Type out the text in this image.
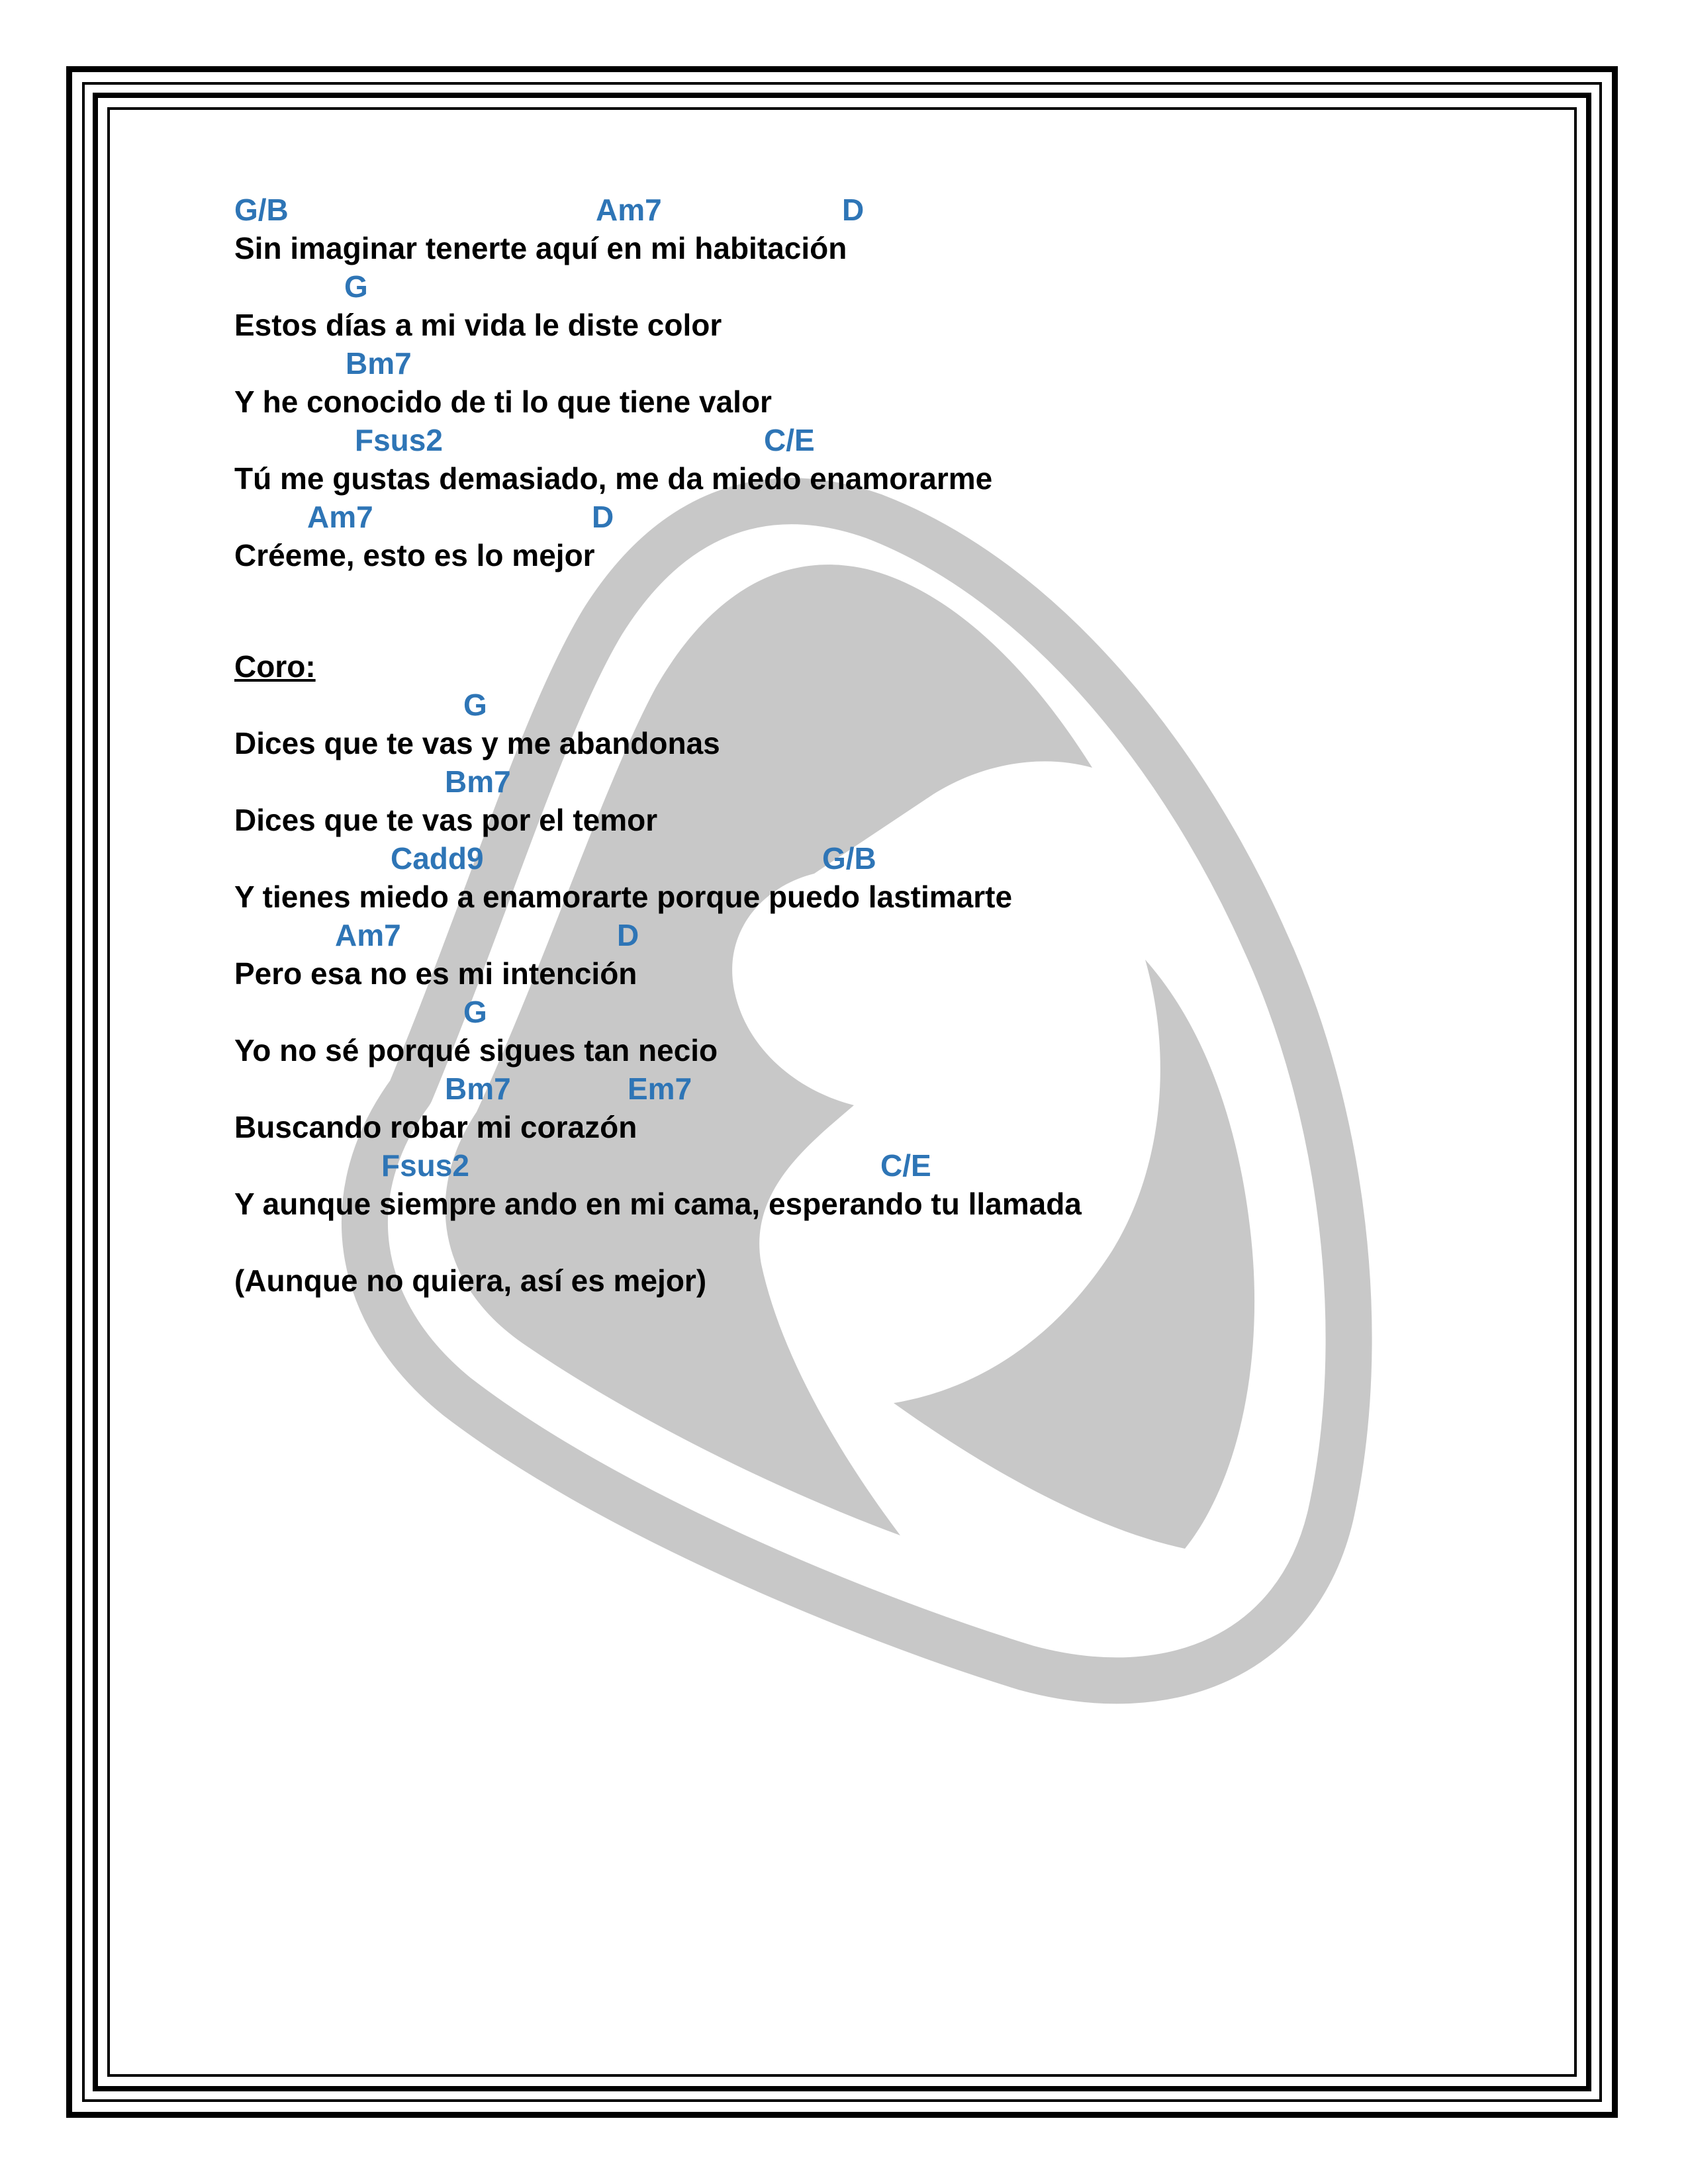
G/B	Am7	D
Sin imaginar tenerte aquí en mi habitación
G
Estos días a mi vida le diste color
Bm7
Y he conocido de ti lo que tiene valor
Fsus2	C/E
Tú me gustas demasiado, me da miedo enamorarme
Am7	D
Créeme, esto es lo mejor
Coro:
G
Dices que te vas y me abandonas
Bm7
Dices que te vas por el temor
Cadd9	G/B
Y tienes miedo a enamorarte porque puedo lastimarte
Am7	D
Pero esa no es mi intención
G
Yo no sé porqué sigues tan necio
Bm7	Em7
Buscando robar mi corazón
Fsus2	C/E
Y aunque siempre ando en mi cama, esperando tu llamada
(Aunque no quiera, así es mejor)
